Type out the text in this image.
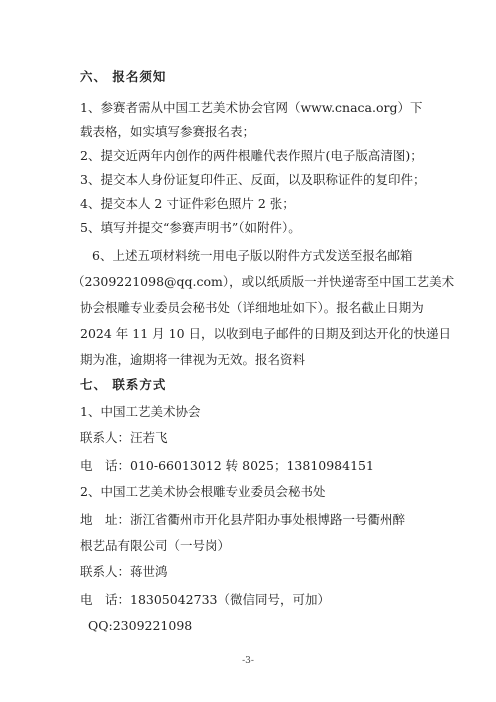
六、 报名须知
1、参赛者需从中国工艺美术协会官网（www.cnaca.org）下
载表格，如实填写参赛报名表；
2、提交近两年内创作的两件根雕代表作照片(电子版高清图)；
3、提交本人身份证复印件正、反面，以及职称证件的复印件；
4、提交本人 2 寸证件彩色照片 2 张；
5、填写并提交“参赛声明书”（如附件）。
6、上述五项材料统一用电子版以附件方式发送至报名邮箱
（2309221098@qq.com），或以纸质版一并快递寄至中国工艺美术
协会根雕专业委员会秘书处（详细地址如下）。报名截止日期为
2024 年 11 月 10 日，以收到电子邮件的日期及到达开化的快递日
期为准，逾期将一律视为无效。报名资料
七、 联系方式
1、中国工艺美术协会
联系人：汪若飞
电　话：010-66013012 转 8025；13810984151
2、中国工艺美术协会根雕专业委员会秘书处
地　址：浙江省衢州市开化县芹阳办事处根博路一号衢州醉
根艺品有限公司（一号岗）
联系人：蒋世鸿
电　话：18305042733（微信同号，可加）
QQ:2309221098
-3-
